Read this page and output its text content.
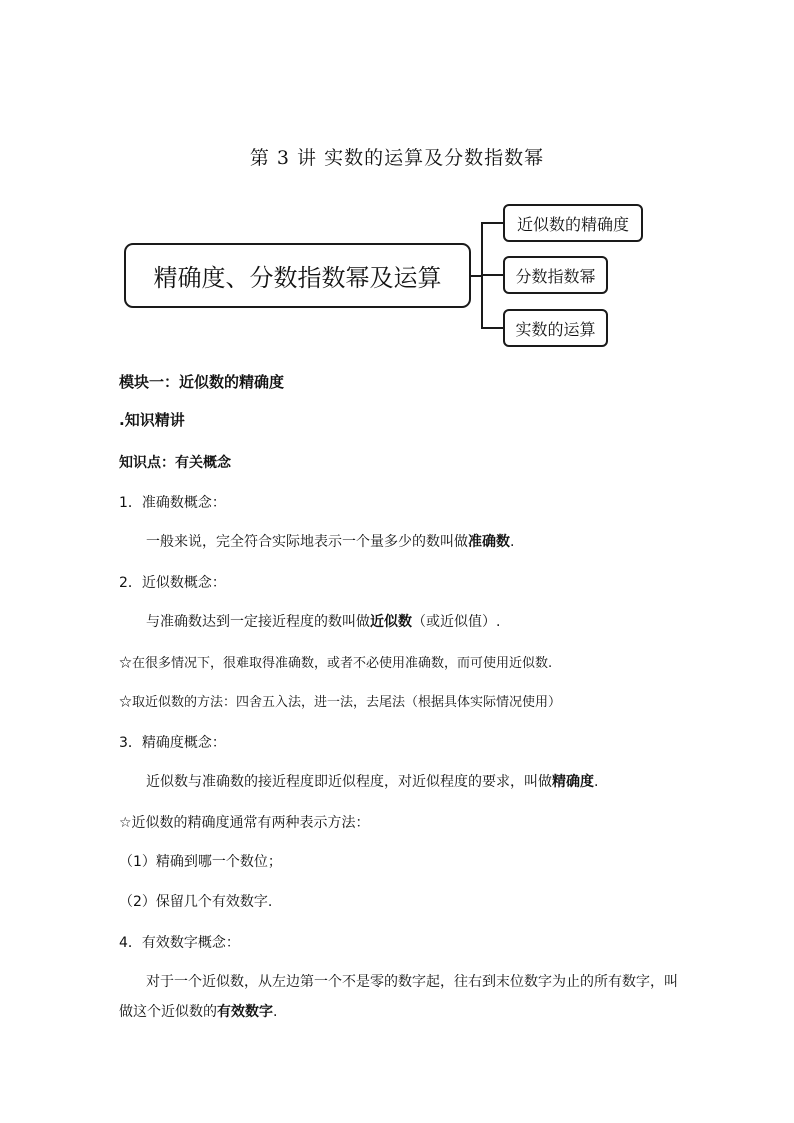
第 3 讲 实数的运算及分数指数幂
精确度、分数指数幂及运算
近似数的精确度
分数指数幂
实数的运算
模块一：近似数的精确度
.知识精讲
知识点：有关概念
1．准确数概念：
一般来说，完全符合实际地表示一个量多少的数叫做准确数.
2．近似数概念：
与准确数达到一定接近程度的数叫做近似数（或近似值）.
☆在很多情况下，很难取得准确数，或者不必使用准确数，而可使用近似数.
☆取近似数的方法：四舍五入法，进一法，去尾法（根据具体实际情况使用）
3．精确度概念：
近似数与准确数的接近程度即近似程度，对近似程度的要求，叫做精确度.
☆近似数的精确度通常有两种表示方法：
（1）精确到哪一个数位；
（2）保留几个有效数字.
4．有效数字概念：
对于一个近似数，从左边第一个不是零的数字起，往右到末位数字为止的所有数字，叫
做这个近似数的有效数字.
